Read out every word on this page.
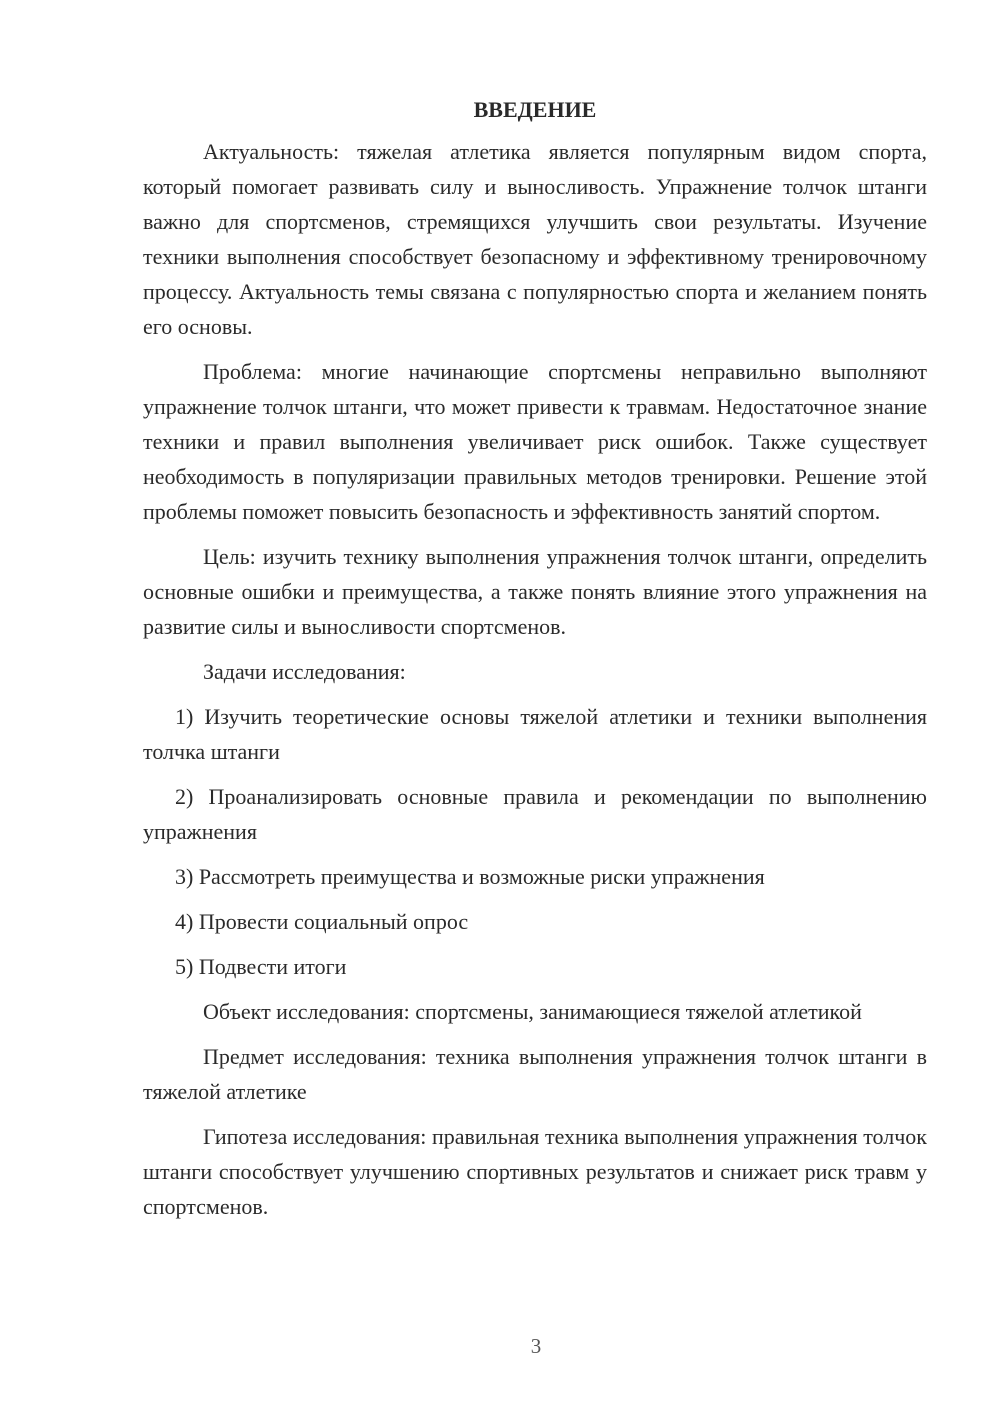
ВВЕДЕНИЕ

Актуальность: тяжелая атлетика является популярным видом спорта, который помогает развивать силу и выносливость. Упражнение толчок штанги важно для спортсменов, стремящихся улучшить свои результаты. Изучение техники выполнения способствует безопасному и эффективному тренировочному процессу. Актуальность темы связана с популярностью спорта и желанием понять его основы.

Проблема: многие начинающие спортсмены неправильно выполняют упражнение толчок штанги, что может привести к травмам. Недостаточное знание техники и правил выполнения увеличивает риск ошибок. Также существует необходимость в популяризации правильных методов тренировки. Решение этой проблемы поможет повысить безопасность и эффективность занятий спортом.

Цель: изучить технику выполнения упражнения толчок штанги, определить основные ошибки и преимущества, а также понять влияние этого упражнения на развитие силы и выносливости спортсменов.

Задачи исследования:

1) Изучить теоретические основы тяжелой атлетики и техники выполнения толчка штанги

2) Проанализировать основные правила и рекомендации по выполнению упражнения

3) Рассмотреть преимущества и возможные риски упражнения

4) Провести социальный опрос

5) Подвести итоги

Объект исследования: спортсмены, занимающиеся тяжелой атлетикой

Предмет исследования: техника выполнения упражнения толчок штанги в тяжелой атлетике

Гипотеза исследования: правильная техника выполнения упражнения толчок штанги способствует улучшению спортивных результатов и снижает риск травм у спортсменов.

3
